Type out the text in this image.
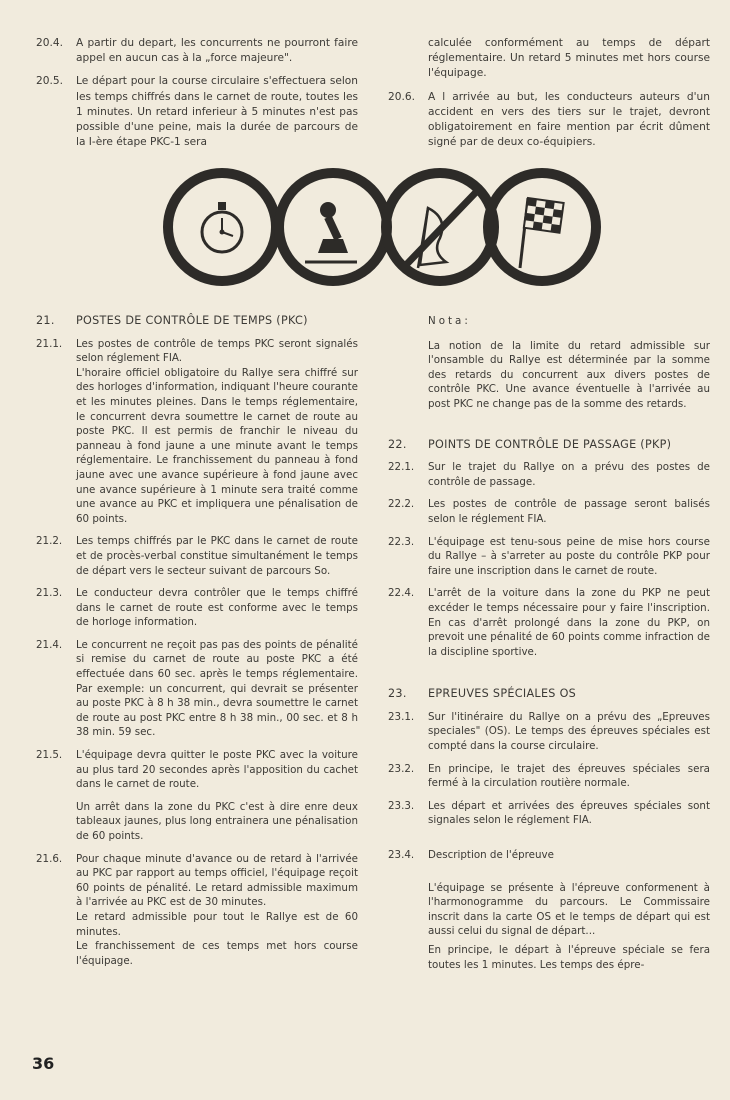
20.4.	A partir du depart, les concurrents ne pourront faire appel en aucun cas à la „force majeure".
20.5.	Le départ pour la course circulaire s'effectuera selon les temps chiffrés dans le carnet de route, toutes les 1 minutes. Un retard inferieur à 5 minutes n'est pas possible d'une peine, mais la durée de parcours de la I-ère étape PKC-1 sera
calculée conformément au temps de départ réglementaire. Un retard 5 minutes met hors course l'équipage.
20.6.	A l arrivée au but, les conducteurs auteurs d'un accident en vers des tiers sur le trajet, devront obligatoirement en faire mention par écrit dûment signé par de deux co-équipiers.
21.	POSTES DE CONTRÔLE DE TEMPS (PKC)
21.1.	Les postes de contrôle de temps PKC seront signalés selon réglement FIA.

L'horaire officiel obligatoire du Rallye sera chiffré sur des horloges d'information, indiquant l'heure courante et les minutes pleines. Dans le temps réglementaire, le concurrent devra soumettre le carnet de route au poste PKC. Il est permis de franchir le niveau du panneau à fond jaune a une minute avant le temps réglementaire. Le franchissement du panneau à fond jaune avec une avance supérieure à fond jaune avec une avance supérieure à 1 minute sera traité comme une avance au PKC et impliquera une pénalisation de 60 points.

21.2.	Les temps chiffrés par le PKC dans le carnet de route et de procès-verbal constitue simultanément le temps de départ vers le secteur suivant de parcours So.
21.3.	Le conducteur devra contrôler que le temps chiffré dans le carnet de route est conforme avec le temps de horloge information.
21.4.	Le concurrent ne reçoit pas pas des points de pénalité si remise du carnet de route au poste PKC a été effectuée dans 60 sec. après le temps réglementaire. Par exemple: un concurrent, qui devrait se présenter au poste PKC à 8 h 38 min., devra soumettre le carnet de route au post PKC entre 8 h 38 min., 00 sec. et 8 h 38 min. 59 sec.
21.5.	L'équipage devra quitter le poste PKC avec la voiture au plus tard 20 secondes après l'apposition du cachet dans le carnet de route.

Un arrêt dans la zone du PKC c'est à dire enre deux tableaux jaunes, plus long entrainera une pénalisation de 60 points.

21.6.	Pour chaque minute d'avance ou de retard à l'arrivée au PKC par rapport au temps officiel, l'équipage reçoit 60 points de pénalité. Le retard admissible maximum à l'arrivée au PKC est de 30 minutes.

Le retard admissible pour tout le Rallye est de 60 minutes.

Le franchissement de ces temps met hors course l'équipage.

Nota:
La notion de la limite du retard admissible sur l'onsamble du Rallye est déterminée par la somme des retards du concurrent aux divers postes de contrôle PKC. Une avance éventuelle à l'arrivée au post PKC ne change pas de la somme des retards.
22.	POINTS DE CONTRÔLE DE PASSAGE (PKP)
22.1.	Sur le trajet du Rallye on a prévu des postes de contrôle de passage.
22.2.	Les postes de contrôle de passage seront balisés selon le réglement FIA.
22.3.	L'équipage est tenu-sous peine de mise hors course du Rallye – à s'arreter au poste du contrôle PKP pour faire une inscription dans le carnet de route.
22.4.	L'arrêt de la voiture dans la zone du PKP ne peut excéder le temps nécessaire pour y faire l'inscription. En cas d'arrêt prolongé dans la zone du PKP, on prevoit une pénalité de 60 points comme infraction de la discipline sportive.
23.	EPREUVES SPÉCIALES OS
23.1.	Sur l'itinéraire du Rallye on a prévu des „Epreuves speciales" (OS). Le temps des épreuves spéciales est compté dans la course circulaire.
23.2.	En principe, le trajet des épreuves spéciales sera fermé à la circulation routière normale.
23.3.	Les départ et arrivées des épreuves spéciales sont signales selon le réglement FIA.
23.4.	Description de l'épreuve
L'équipage se présente à l'épreuve conformenent à l'harmonogramme du parcours. Le Commissaire inscrit dans la carte OS et le temps de départ qui est aussi celui du signal de départ...
En principe, le départ à l'épreuve spéciale se fera toutes les 1 minutes. Les temps des épre-
36
